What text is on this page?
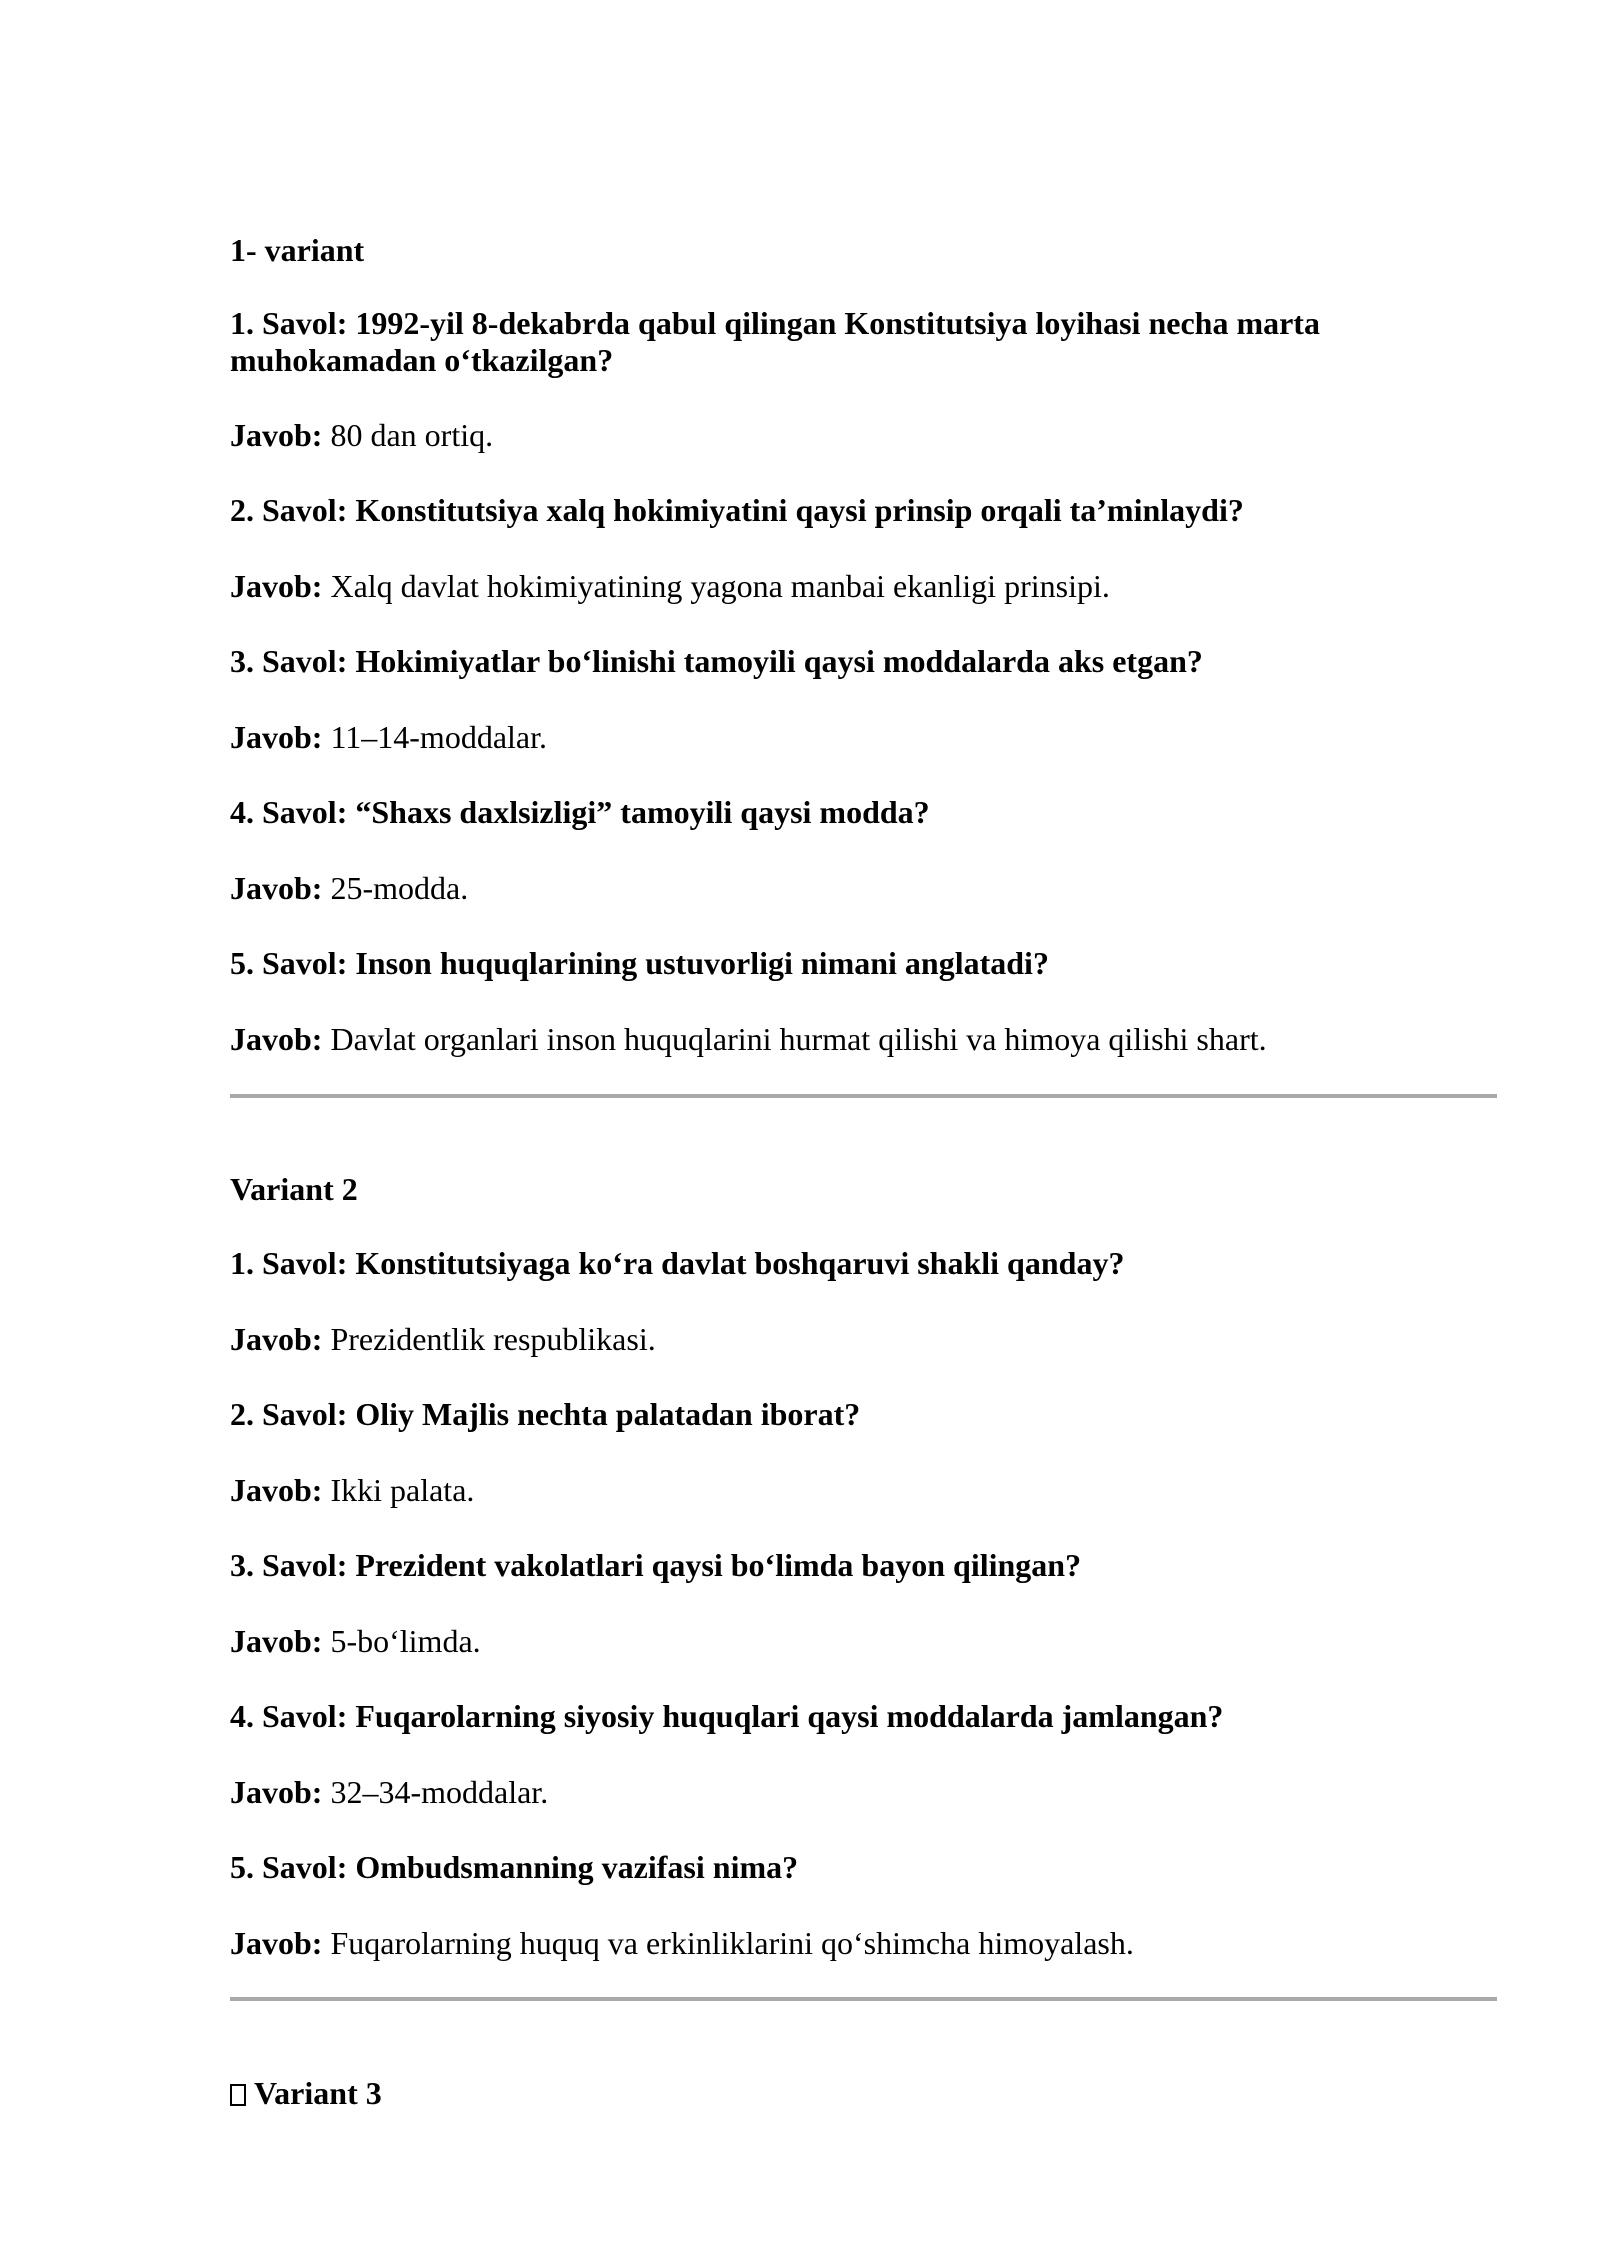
1- variant
1. Savol: 1992-yil 8-dekabrda qabul qilingan Konstitutsiya loyihasi necha marta muhokamadan o‘tkazilgan?
Javob: 80 dan ortiq.
2. Savol: Konstitutsiya xalq hokimiyatini qaysi prinsip orqali ta’minlaydi?
Javob: Xalq davlat hokimiyatining yagona manbai ekanligi prinsipi.
3. Savol: Hokimiyatlar bo‘linishi tamoyili qaysi moddalarda aks etgan?
Javob: 11–14-moddalar.
4. Savol: “Shaxs daxlsizligi” tamoyili qaysi modda?
Javob: 25-modda.
5. Savol: Inson huquqlarining ustuvorligi nimani anglatadi?
Javob: Davlat organlari inson huquqlarini hurmat qilishi va himoya qilishi shart.
Variant 2
1. Savol: Konstitutsiyaga ko‘ra davlat boshqaruvi shakli qanday?
Javob: Prezidentlik respublikasi.
2. Savol: Oliy Majlis nechta palatadan iborat?
Javob: Ikki palata.
3. Savol: Prezident vakolatlari qaysi bo‘limda bayon qilingan?
Javob: 5-bo‘limda.
4. Savol: Fuqarolarning siyosiy huquqlari qaysi moddalarda jamlangan?
Javob: 32–34-moddalar.
5. Savol: Ombudsmanning vazifasi nima?
Javob: Fuqarolarning huquq va erkinliklarini qo‘shimcha himoyalash.
Variant 3
